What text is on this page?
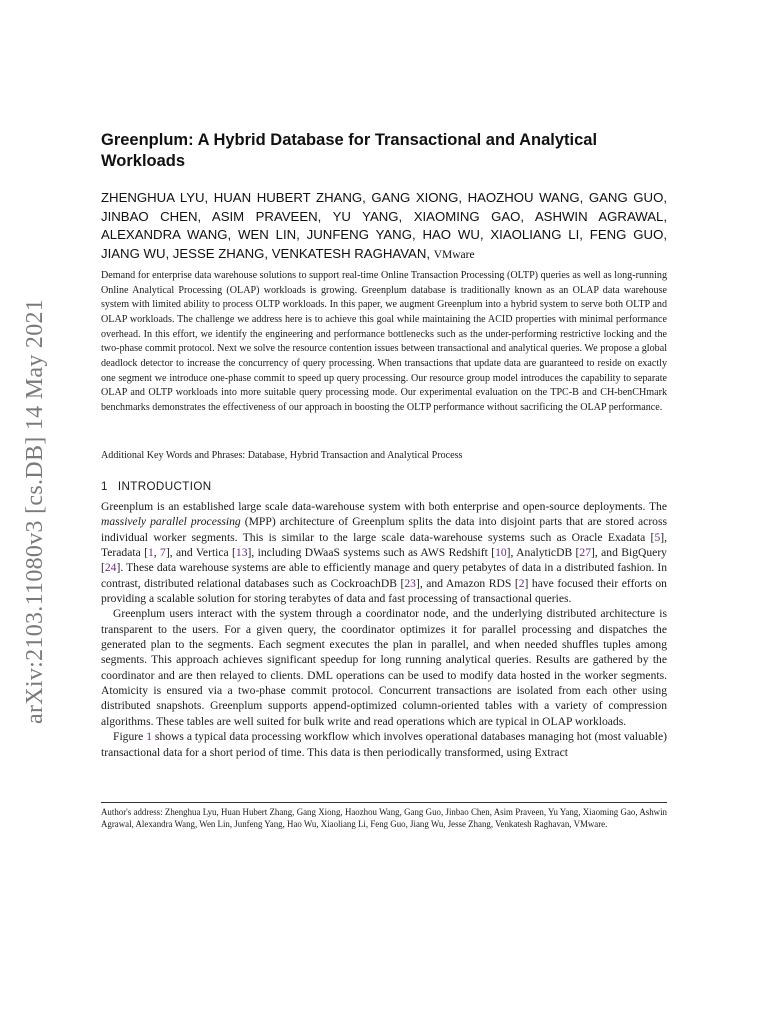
arXiv:2103.11080v3 [cs.DB] 14 May 2021
Greenplum: A Hybrid Database for Transactional and Analytical Workloads
ZHENGHUA LYU, HUAN HUBERT ZHANG, GANG XIONG, HAOZHOU WANG, GANG GUO, JINBAO CHEN, ASIM PRAVEEN, YU YANG, XIAOMING GAO, ASHWIN AGRAWAL, ALEXANDRA WANG, WEN LIN, JUNFENG YANG, HAO WU, XIAOLIANG LI, FENG GUO, JIANG WU, JESSE ZHANG, VENKATESH RAGHAVAN, VMware
Demand for enterprise data warehouse solutions to support real-time Online Transaction Processing (OLTP) queries as well as long-running Online Analytical Processing (OLAP) workloads is growing. Greenplum database is traditionally known as an OLAP data warehouse system with limited ability to process OLTP workloads. In this paper, we augment Greenplum into a hybrid system to serve both OLTP and OLAP workloads. The challenge we address here is to achieve this goal while maintaining the ACID properties with minimal performance overhead. In this effort, we identify the engineering and performance bottlenecks such as the under-performing restrictive locking and the two-phase commit protocol. Next we solve the resource contention issues between transactional and analytical queries. We propose a global deadlock detector to increase the concurrency of query processing. When transactions that update data are guaranteed to reside on exactly one segment we introduce one-phase commit to speed up query processing. Our resource group model introduces the capability to separate OLAP and OLTP workloads into more suitable query processing mode. Our experimental evaluation on the TPC-B and CH-benCHmark benchmarks demonstrates the effectiveness of our approach in boosting the OLTP performance without sacrificing the OLAP performance.
Additional Key Words and Phrases: Database, Hybrid Transaction and Analytical Process
1 INTRODUCTION

Greenplum is an established large scale data-warehouse system with both enterprise and open-source deployments. The massively parallel processing (MPP) architecture of Greenplum splits the data into disjoint parts that are stored across individual worker segments. This is similar to the large scale data-warehouse systems such as Oracle Exadata [5], Teradata [1, 7], and Vertica [13], including DWaaS systems such as AWS Redshift [10], AnalyticDB [27], and BigQuery [24]. These data warehouse systems are able to efficiently manage and query petabytes of data in a distributed fashion. In contrast, distributed relational databases such as CockroachDB [23], and Amazon RDS [2] have focused their efforts on providing a scalable solution for storing terabytes of data and fast processing of transactional queries.

Greenplum users interact with the system through a coordinator node, and the underlying distributed architecture is transparent to the users. For a given query, the coordinator optimizes it for parallel processing and dispatches the generated plan to the segments. Each segment executes the plan in parallel, and when needed shuffles tuples among segments. This approach achieves significant speedup for long running analytical queries. Results are gathered by the coordinator and are then relayed to clients. DML operations can be used to modify data hosted in the worker segments. Atomicity is ensured via a two-phase commit protocol. Concurrent transactions are isolated from each other using distributed snapshots. Greenplum supports append-optimized column-oriented tables with a variety of compression algorithms. These tables are well suited for bulk write and read operations which are typical in OLAP workloads.

Figure 1 shows a typical data processing workflow which involves operational databases managing hot (most valuable) transactional data for a short period of time. This data is then periodically transformed, using Extract

Author's address: Zhenghua Lyu, Huan Hubert Zhang, Gang Xiong, Haozhou Wang, Gang Guo, Jinbao Chen, Asim Praveen, Yu Yang, Xiaoming Gao, Ashwin Agrawal, Alexandra Wang, Wen Lin, Junfeng Yang, Hao Wu, Xiaoliang Li, Feng Guo, Jiang Wu, Jesse Zhang, Venkatesh Raghavan, VMware.
